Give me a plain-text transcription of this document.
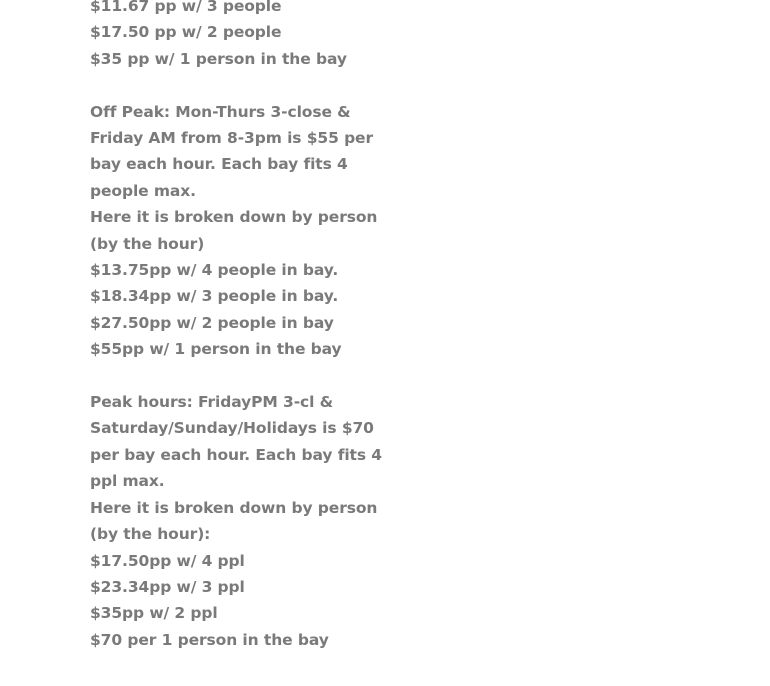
$11.67 pp w/ 3 people
$17.50 pp w/ 2 people
$35 pp w/ 1 person in the bay
Off Peak: Mon-Thurs 3-close & Friday AM from 8-3pm is $55 per bay each hour. Each bay fits 4 people max.
Here it is broken down by person (by the hour)
$13.75pp w/ 4 people in bay.
$18.34pp w/ 3 people in bay.
$27.50pp w/ 2 people in bay
$55pp w/ 1 person in the bay
Peak hours: FridayPM 3-cl & Saturday/Sunday/Holidays is $70 per bay each hour. Each bay fits 4 ppl max.
Here it is broken down by person (by the hour):
$17.50pp w/ 4 ppl
$23.34pp w/ 3 ppl
$35pp w/ 2 ppl
$70 per 1 person in the bay
